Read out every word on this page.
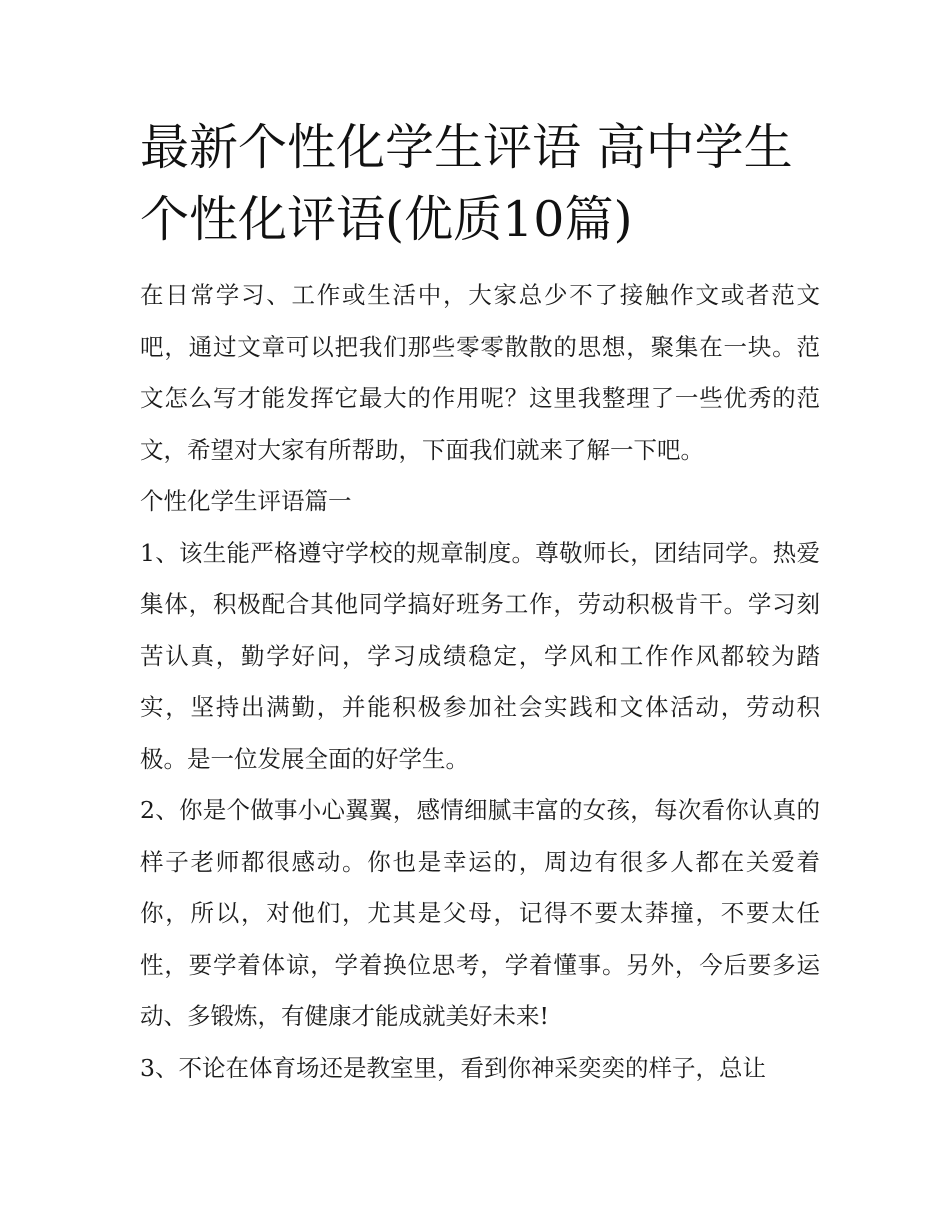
最新个性化学生评语 高中学生
个性化评语(优质10篇)

在日常学习、工作或生活中，大家总少不了接触作文或者范文吧，通过文章可以把我们那些零零散散的思想，聚集在一块。范文怎么写才能发挥它最大的作用呢？这里我整理了一些优秀的范文，希望对大家有所帮助，下面我们就来了解一下吧。

个性化学生评语篇一

1、该生能严格遵守学校的规章制度。尊敬师长，团结同学。热爱集体，积极配合其他同学搞好班务工作，劳动积极肯干。学习刻苦认真，勤学好问，学习成绩稳定，学风和工作作风都较为踏实，坚持出满勤，并能积极参加社会实践和文体活动，劳动积极。是一位发展全面的好学生。

2、你是个做事小心翼翼，感情细腻丰富的女孩，每次看你认真的样子老师都很感动。你也是幸运的，周边有很多人都在关爱着你，所以，对他们，尤其是父母，记得不要太莽撞，不要太任性，要学着体谅，学着换位思考，学着懂事。另外，今后要多运动、多锻炼，有健康才能成就美好未来!

3、不论在体育场还是教室里，看到你神采奕奕的样子，总让
